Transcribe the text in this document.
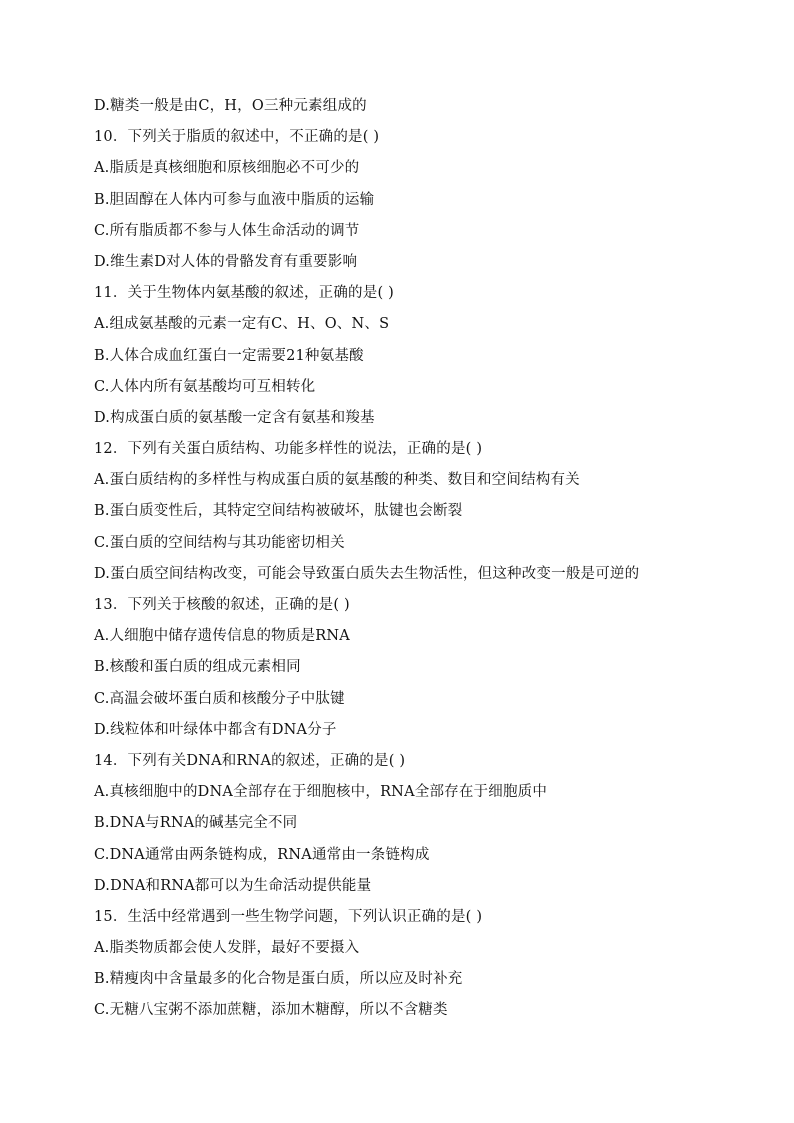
D.糖类一般是由C，H，O三种元素组成的
10．下列关于脂质的叙述中，不正确的是( )
A.脂质是真核细胞和原核细胞必不可少的
B.胆固醇在人体内可参与血液中脂质的运输
C.所有脂质都不参与人体生命活动的调节
D.维生素D对人体的骨骼发育有重要影响
11．关于生物体内氨基酸的叙述，正确的是( )
A.组成氨基酸的元素一定有C、H、O、N、S
B.人体合成血红蛋白一定需要21种氨基酸
C.人体内所有氨基酸均可互相转化
D.构成蛋白质的氨基酸一定含有氨基和羧基
12．下列有关蛋白质结构、功能多样性的说法，正确的是( )
A.蛋白质结构的多样性与构成蛋白质的氨基酸的种类、数目和空间结构有关
B.蛋白质变性后，其特定空间结构被破坏，肽键也会断裂
C.蛋白质的空间结构与其功能密切相关
D.蛋白质空间结构改变，可能会导致蛋白质失去生物活性，但这种改变一般是可逆的
13．下列关于核酸的叙述，正确的是( )
A.人细胞中储存遗传信息的物质是RNA
B.核酸和蛋白质的组成元素相同
C.高温会破坏蛋白质和核酸分子中肽键
D.线粒体和叶绿体中都含有DNA分子
14．下列有关DNA和RNA的叙述，正确的是( )
A.真核细胞中的DNA全部存在于细胞核中，RNA全部存在于细胞质中
B.DNA与RNA的碱基完全不同
C.DNA通常由两条链构成，RNA通常由一条链构成
D.DNA和RNA都可以为生命活动提供能量
15．生活中经常遇到一些生物学问题，下列认识正确的是( )
A.脂类物质都会使人发胖，最好不要摄入
B.精瘦肉中含量最多的化合物是蛋白质，所以应及时补充
C.无糖八宝粥不添加蔗糖，添加木糖醇，所以不含糖类
